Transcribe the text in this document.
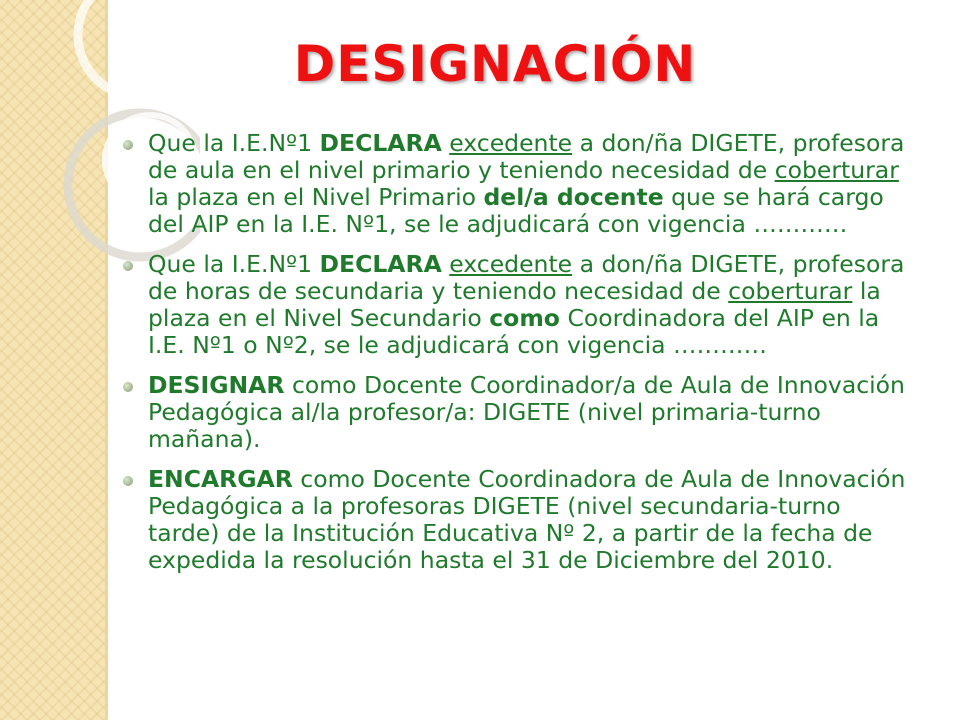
DESIGNACIÓN
Que la I.E.Nº1 DECLARA excedente a don/ña DIGETE, profesora de aula en el nivel primario y teniendo necesidad de coberturar la plaza en el Nivel Primario del/a docente que se hará cargo del AIP en la I.E. Nº1, se le adjudicará con vigencia …………
Que la I.E.Nº1 DECLARA excedente a don/ña DIGETE, profesora de horas de secundaria y teniendo necesidad de coberturar la plaza en el Nivel Secundario como Coordinadora del AIP en la I.E. Nº1 o Nº2, se le adjudicará con vigencia …………
DESIGNAR como Docente Coordinador/a de Aula de Innovación Pedagógica al/la profesor/a: DIGETE (nivel primaria-turno mañana).
ENCARGAR como Docente Coordinadora de Aula de Innovación Pedagógica a la profesoras DIGETE (nivel secundaria-turno tarde) de la Institución Educativa Nº 2, a partir de la fecha de expedida la resolución hasta el 31 de Diciembre del 2010.
